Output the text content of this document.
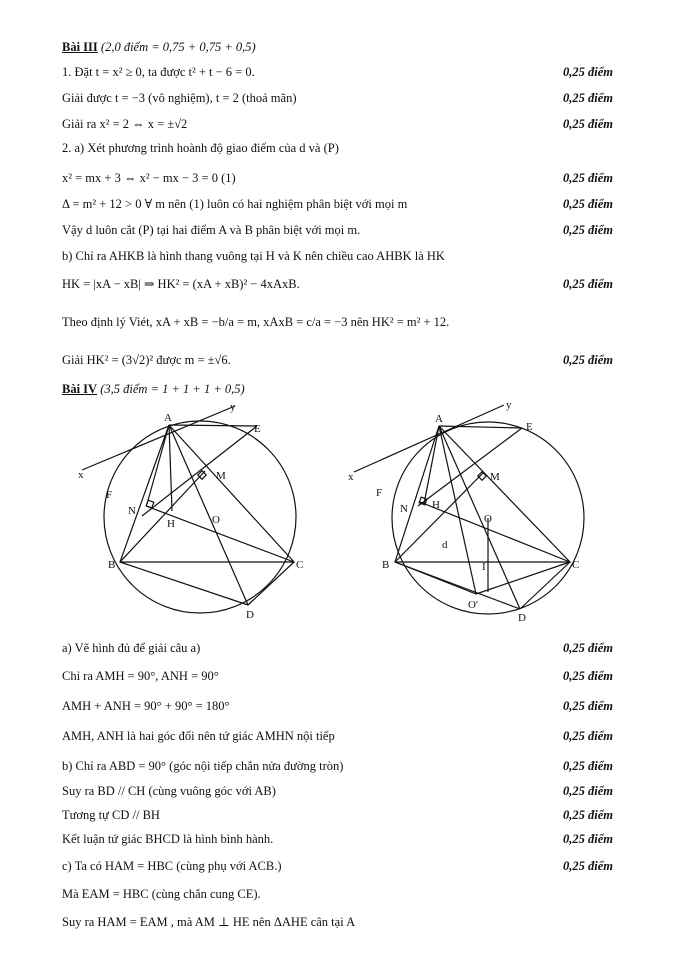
Bài III (2,0 điểm = 0,75 + 0,75 + 0,5)
1. Đặt t = x² ≥ 0, ta được t² + t − 6 = 0.	0,25 điểm
Giải được t = −3 (vô nghiệm), t = 2 (thoả mãn)	0,25 điểm
Giải ra x² = 2 ⇔ x = ±√2	0,25 điểm
2. a) Xét phương trình hoành độ giao điểm của d và (P)
x² = mx + 3 ⇔ x² − mx − 3 = 0 (1)	0,25 điểm
Δ = m² + 12 > 0 ∀ m nên (1) luôn có hai nghiệm phân biệt với mọi m	0,25 điểm
Vậy d luôn cắt (P) tại hai điểm A và B phân biệt với mọi m.	0,25 điểm
b) Chỉ ra AHKB là hình thang vuông tại H và K nên chiều cao AHBK là HK
HK = |xA − xB| ⇒ HK² = (xA + xB)² − 4xAxB.	0,25 điểm
Theo định lý Viét, xA + xB = −b/a = m, xAxB = c/a = −3 nên HK² = m² + 12.
Giải HK² = (3√2)² được m = ±√6.	0,25 điểm
Bài IV (3,5 điểm = 1 + 1 + 1 + 0,5)
A
B	C
D
E
F
H
M
N
O
x
y
A
B	C
D
E
F
H
M
N
O
x
y
I
O'
d
a) Vẽ hình đủ để giải câu a)	0,25 điểm
Chỉ ra AMH = 90°, ANH = 90°	0,25 điểm
AMH + ANH = 90° + 90° = 180°	0,25 điểm
AMH, ANH là hai góc đối nên tứ giác AMHN nội tiếp	0,25 điểm
b) Chỉ ra ABD = 90° (góc nội tiếp chắn nửa đường tròn)	0,25 điểm
Suy ra BD // CH (cùng vuông góc với AB)	0,25 điểm
Tương tự CD // BH	0,25 điểm
Kết luận tứ giác BHCD là hình bình hành.	0,25 điểm
c) Ta có HAM = HBC (cùng phụ với ACB.)	0,25 điểm
Mà EAM = HBC (cùng chắn cung CE).
Suy ra HAM = EAM , mà AM ⊥ HE nên ΔAHE cân tại A
